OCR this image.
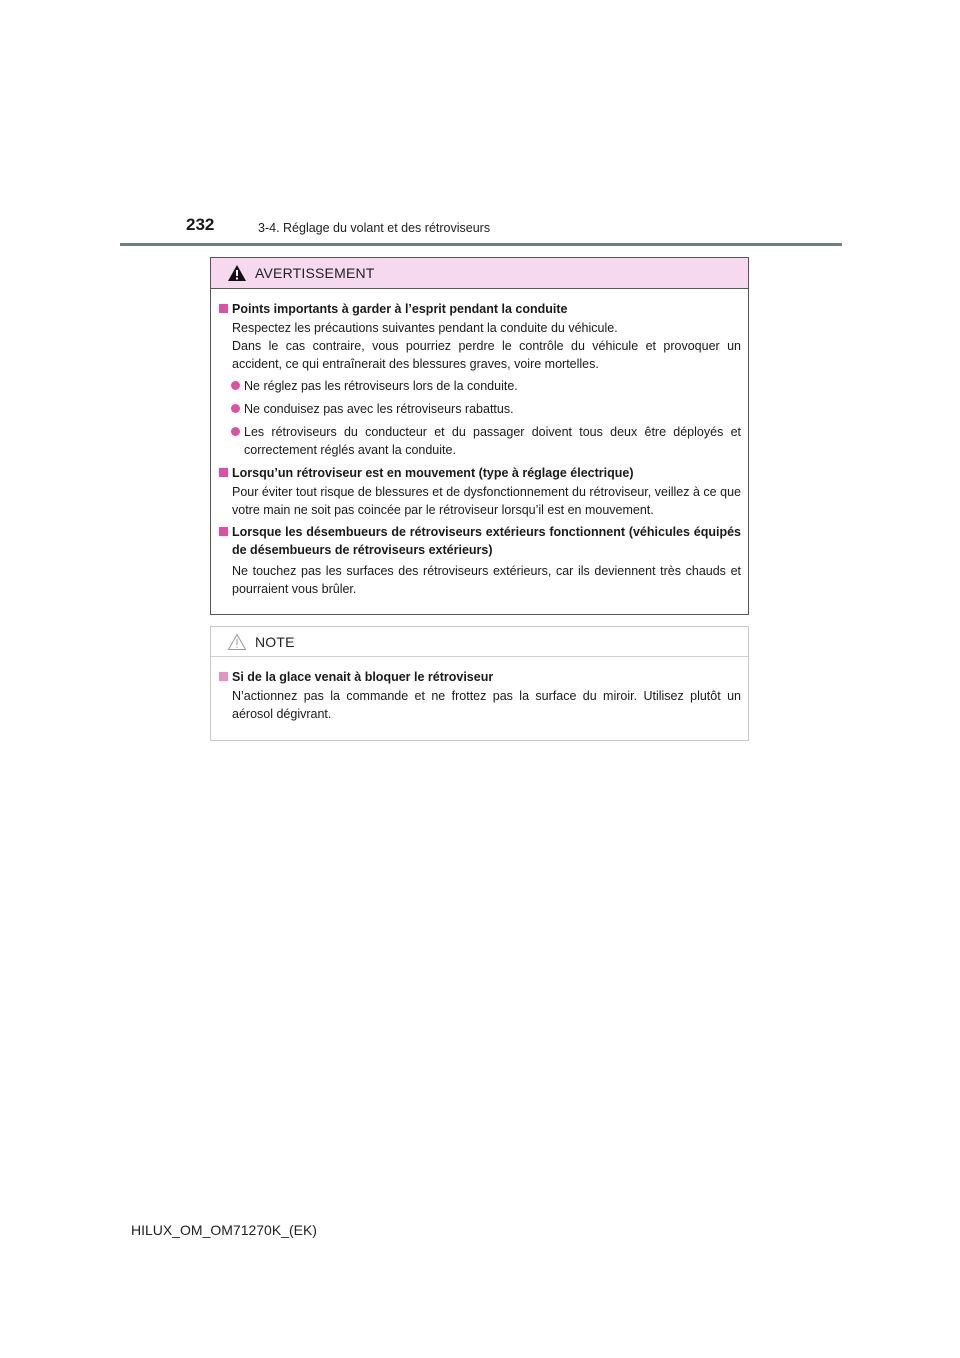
232	3-4. Réglage du volant et des rétroviseurs
AVERTISSEMENT
Points importants à garder à l’esprit pendant la conduite
Respectez les précautions suivantes pendant la conduite du véhicule.
Dans le cas contraire, vous pourriez perdre le contrôle du véhicule et provoquer un accident, ce qui entraînerait des blessures graves, voire mortelles.
Ne réglez pas les rétroviseurs lors de la conduite.
Ne conduisez pas avec les rétroviseurs rabattus.
Les rétroviseurs du conducteur et du passager doivent tous deux être déployés et correctement réglés avant la conduite.
Lorsqu’un rétroviseur est en mouvement (type à réglage électrique)
Pour éviter tout risque de blessures et de dysfonctionnement du rétroviseur, veillez à ce que votre main ne soit pas coincée par le rétroviseur lorsqu’il est en mouvement.
Lorsque les désembueurs de rétroviseurs extérieurs fonctionnent (véhicules équipés de désembueurs de rétroviseurs extérieurs)
Ne touchez pas les surfaces des rétroviseurs extérieurs, car ils deviennent très chauds et pourraient vous brûler.
NOTE
Si de la glace venait à bloquer le rétroviseur
N’actionnez pas la commande et ne frottez pas la surface du miroir. Utilisez plutôt un aérosol dégivrant.
HILUX_OM_OM71270K_(EK)
